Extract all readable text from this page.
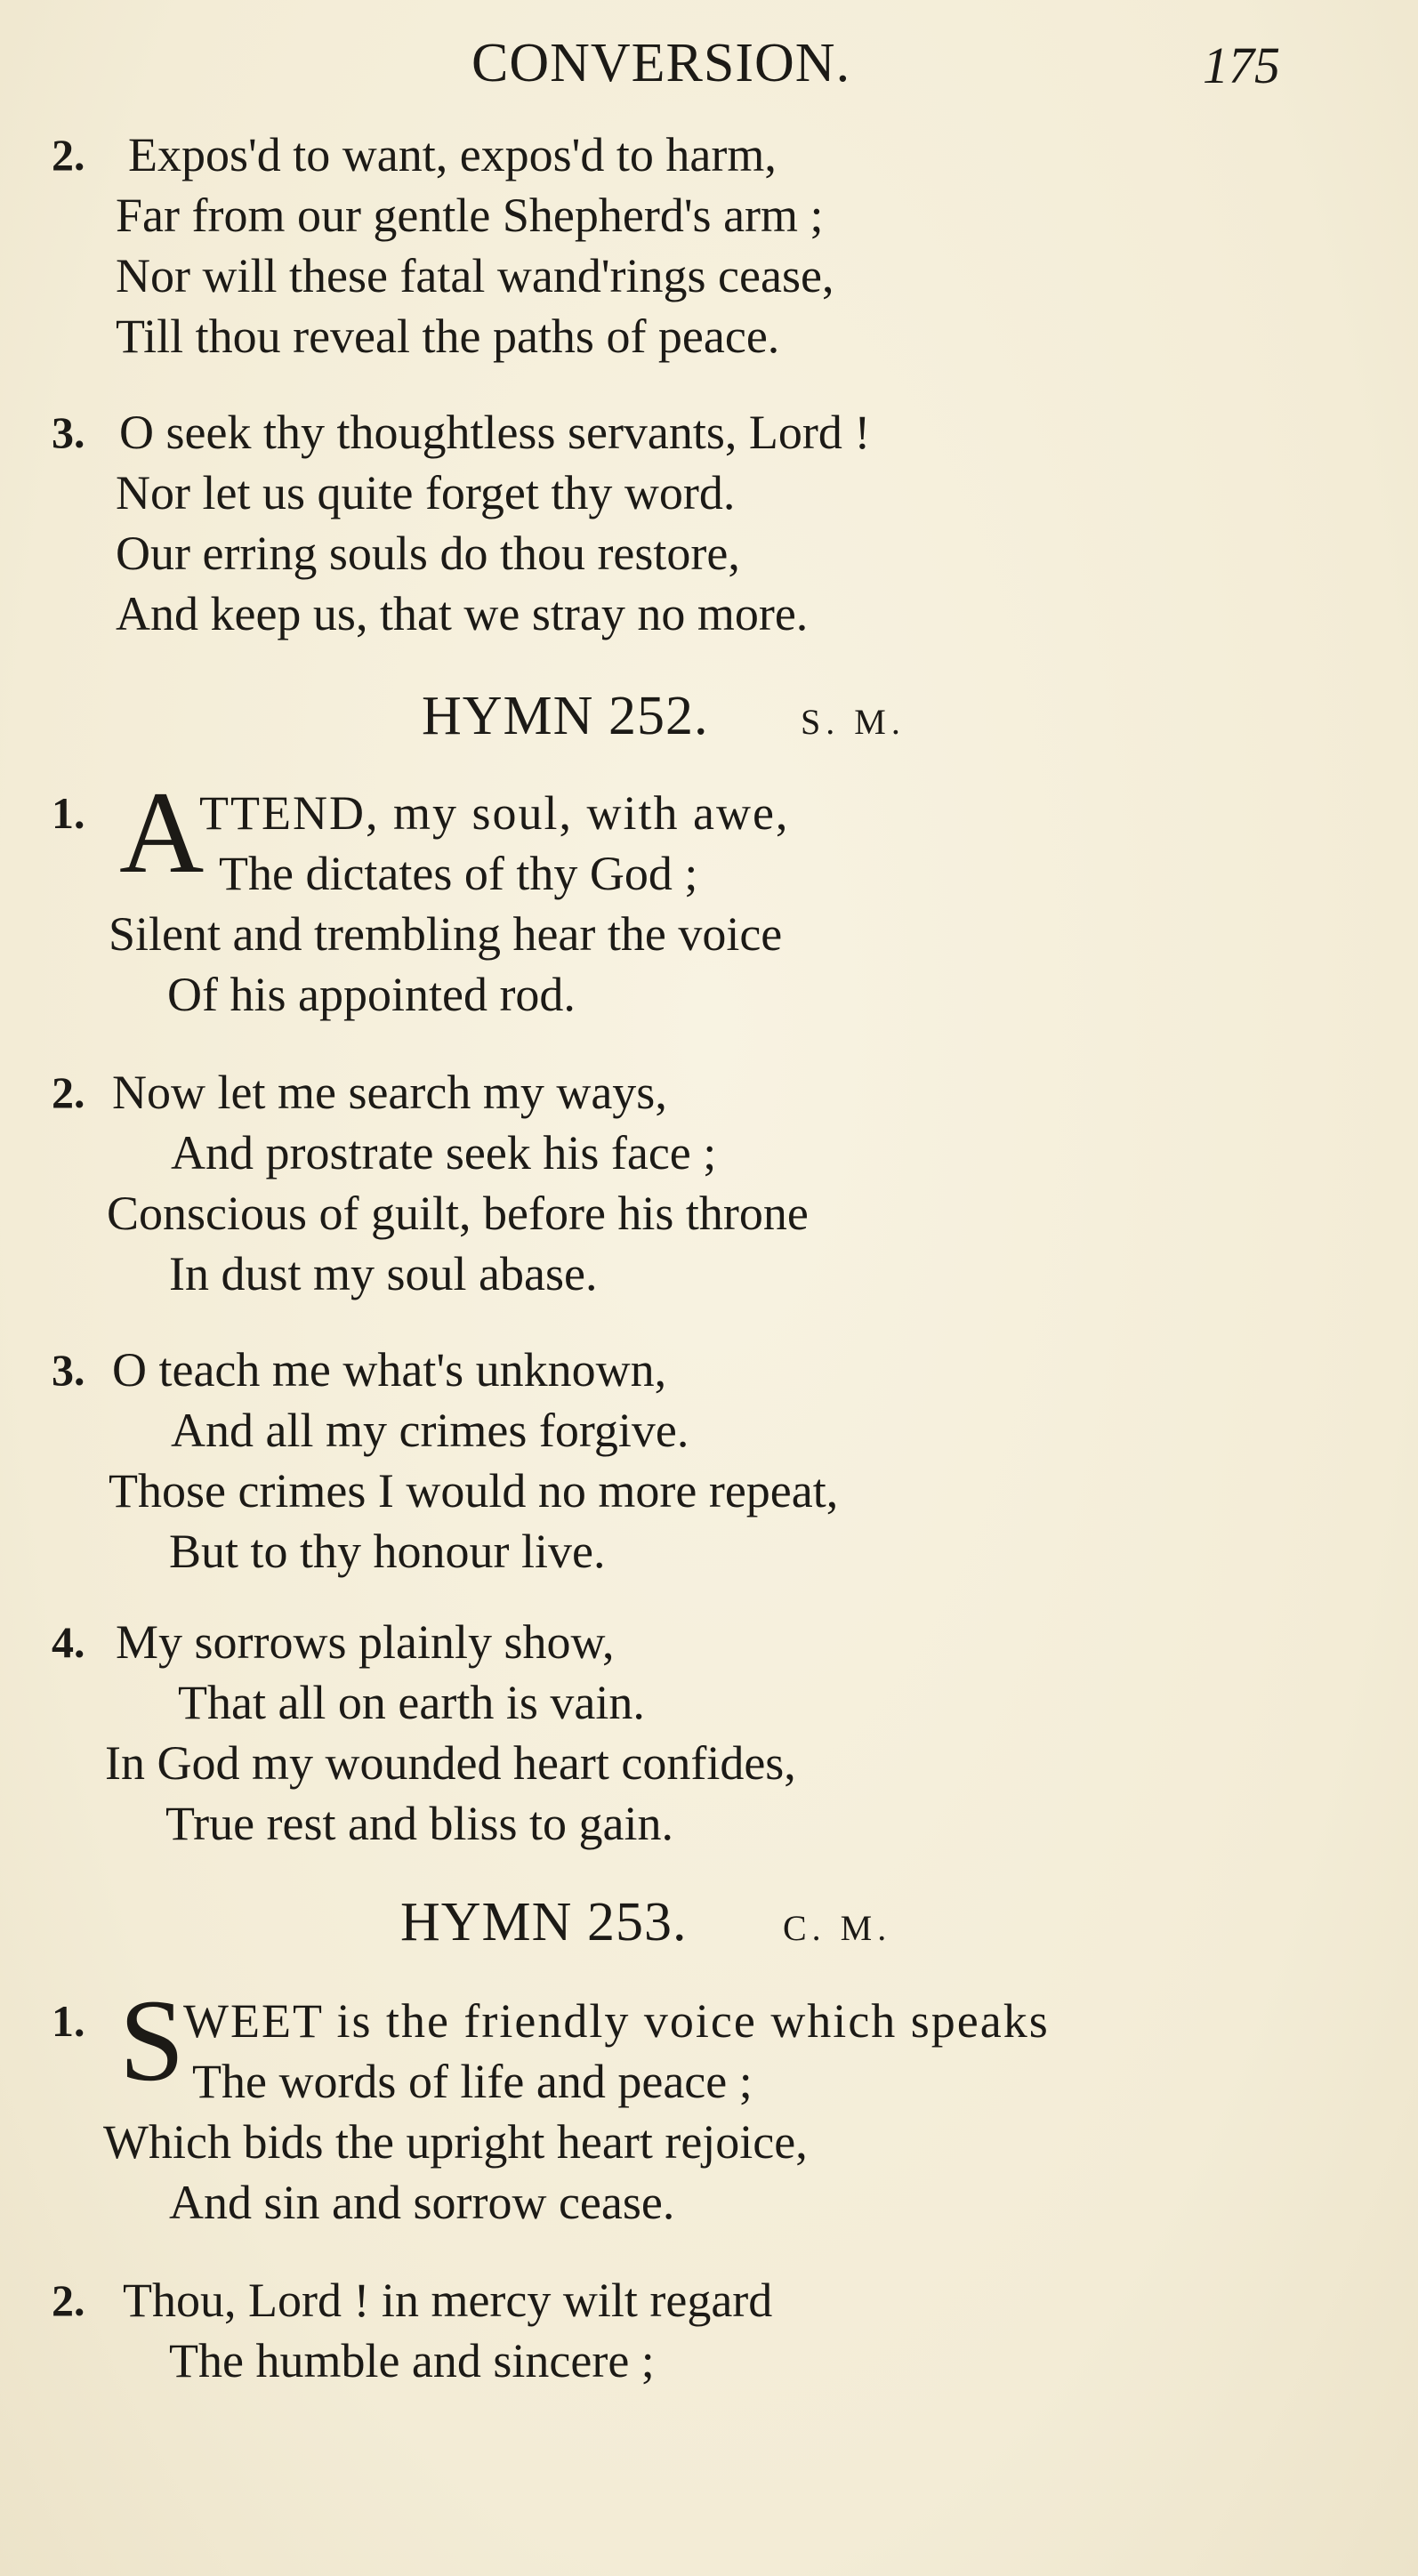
CONVERSION.	175
2. Expos'd to want, expos'd to harm,
Far from our gentle Shepherd's arm ;
Nor will these fatal wand'rings cease,
Till thou reveal the paths of peace.
3. O seek thy thoughtless servants, Lord !
Nor let us quite forget thy word.
Our erring souls do thou restore,
And keep us, that we stray no more.
HYMN 252.	S. M.
1. A
TTEND, my soul, with awe,
The dictates of thy God ;
Silent and trembling hear the voice
Of his appointed rod.
2. Now let me search my ways,
And prostrate seek his face ;
Conscious of guilt, before his throne
In dust my soul abase.
3. O teach me what's unknown,
And all my crimes forgive.
Those crimes I would no more repeat,
But to thy honour live.
4. My sorrows plainly show,
That all on earth is vain.
In God my wounded heart confides,
True rest and bliss to gain.
HYMN 253.	C. M.
1. S
WEET is the friendly voice which speaks
The words of life and peace ;
Which bids the upright heart rejoice,
And sin and sorrow cease.
2. Thou, Lord ! in mercy wilt regard
The humble and sincere ;
